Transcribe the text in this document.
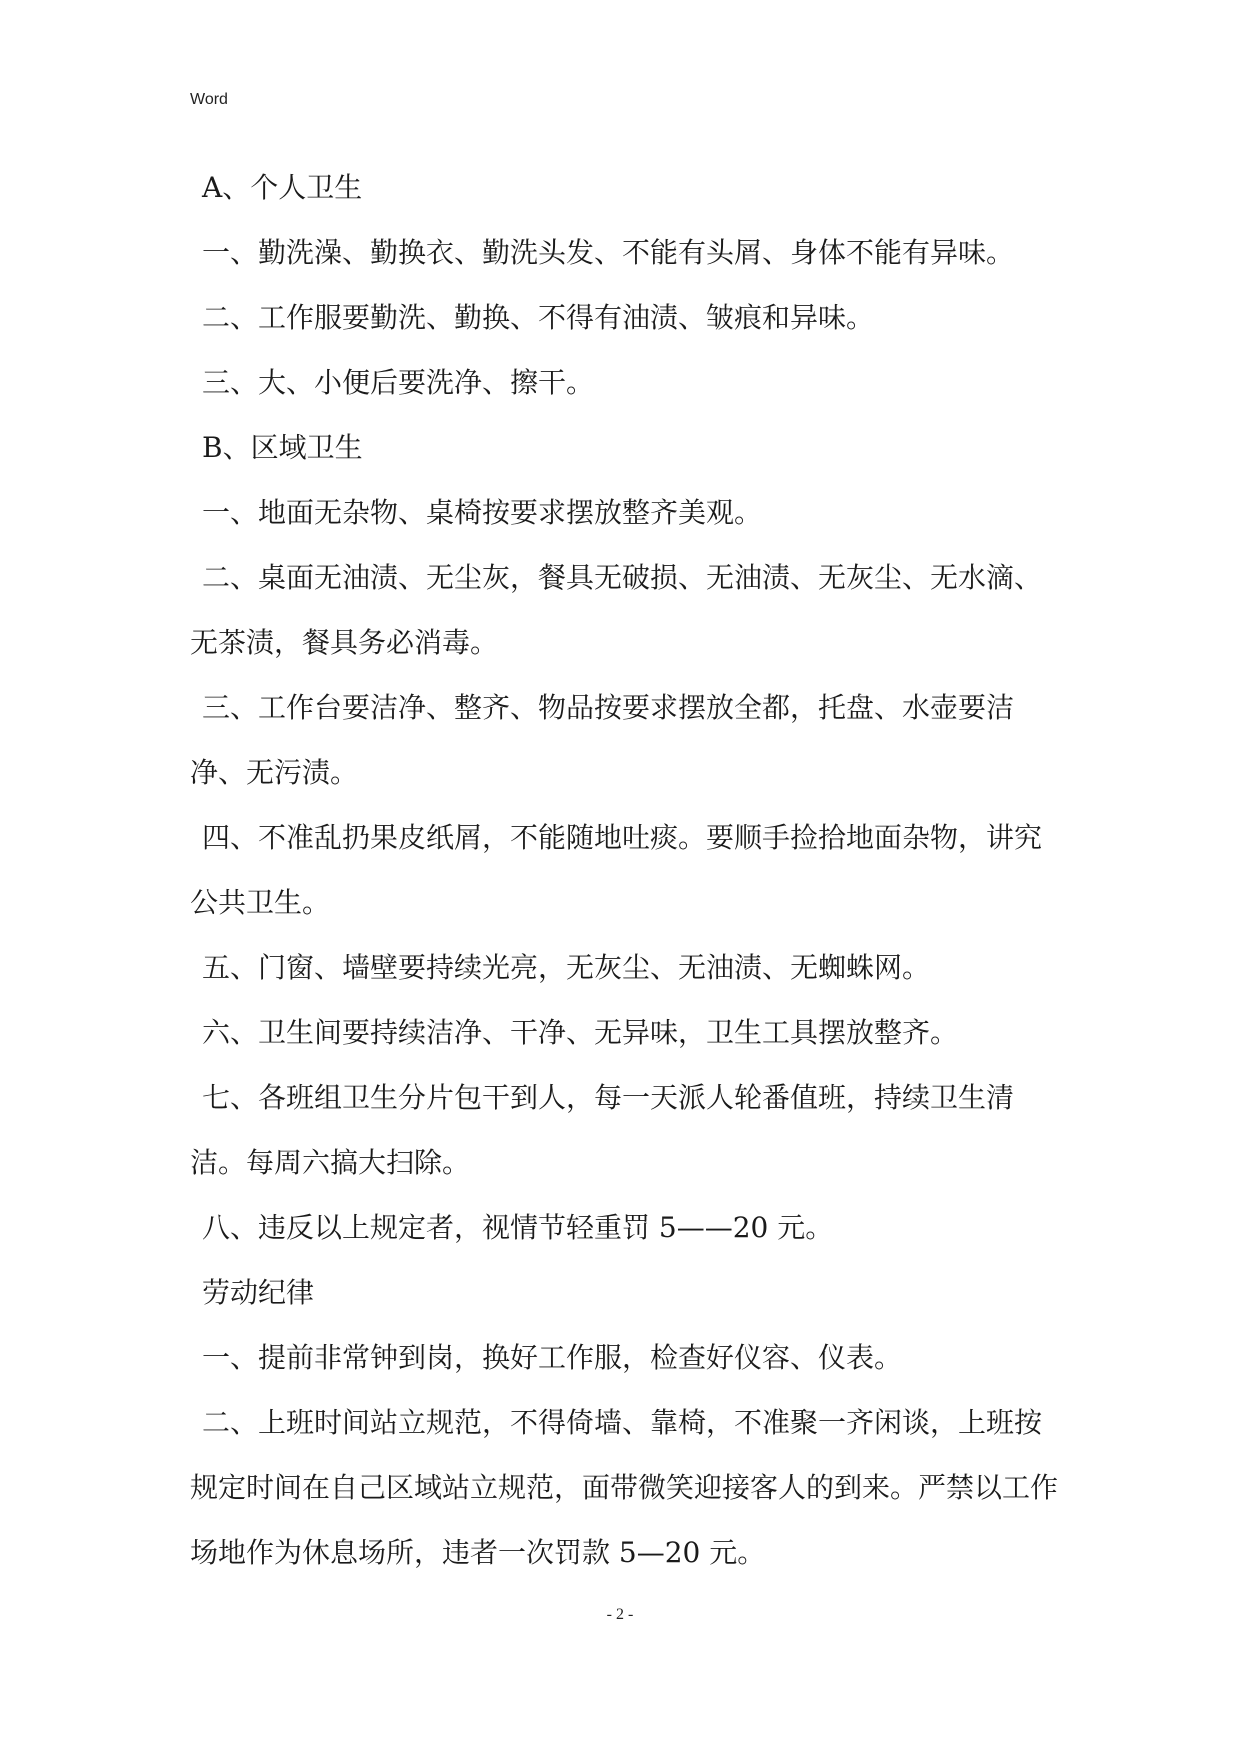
Word

A、个人卫生

一、勤洗澡、勤换衣、勤洗头发、不能有头屑、身体不能有异味。

二、工作服要勤洗、勤换、不得有油渍、皱痕和异味。

三、大、小便后要洗净、擦干。

B、区域卫生

一、地面无杂物、桌椅按要求摆放整齐美观。

二、桌面无油渍、无尘灰，餐具无破损、无油渍、无灰尘、无水滴、无茶渍，餐具务必消毒。

三、工作台要洁净、整齐、物品按要求摆放全都，托盘、水壶要洁净、无污渍。

四、不准乱扔果皮纸屑，不能随地吐痰。要顺手捡拾地面杂物，讲究公共卫生。

五、门窗、墙壁要持续光亮，无灰尘、无油渍、无蜘蛛网。

六、卫生间要持续洁净、干净、无异味，卫生工具摆放整齐。

七、各班组卫生分片包干到人，每一天派人轮番值班，持续卫生清洁。每周六搞大扫除。

八、违反以上规定者，视情节轻重罚 5——20 元。

劳动纪律

一、提前非常钟到岗，换好工作服，检查好仪容、仪表。

二、上班时间站立规范，不得倚墙、靠椅，不准聚一齐闲谈，上班按规定时间在自己区域站立规范，面带微笑迎接客人的到来。严禁以工作场地作为休息场所，违者一次罚款 5—20 元。

- 2 -
